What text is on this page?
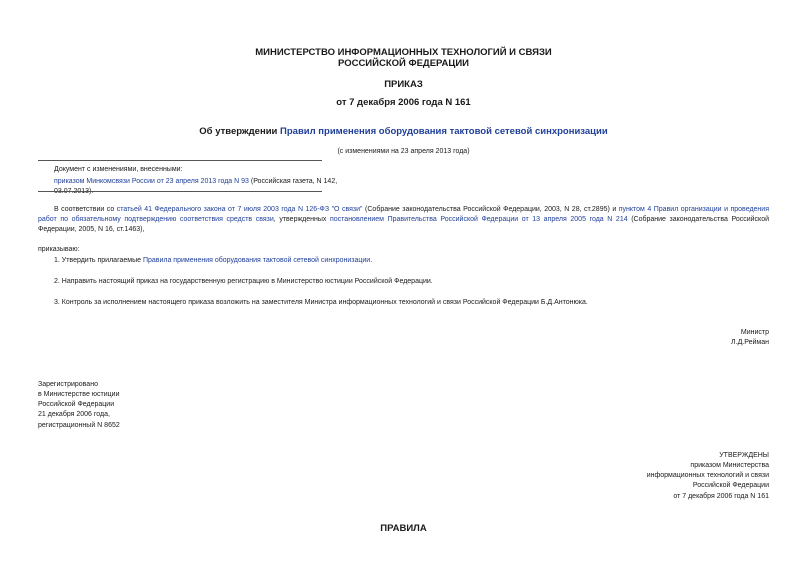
МИНИСТЕРСТВО ИНФОРМАЦИОННЫХ ТЕХНОЛОГИЙ И СВЯЗИ
РОССИЙСКОЙ ФЕДЕРАЦИИ
ПРИКАЗ
от 7 декабря 2006 года N 161
Об утверждении Правил применения оборудования тактовой сетевой синхронизации
(с изменениями на 23 апреля 2013 года)
Документ с изменениями, внесенными:
приказом Минкомсвязи России от 23 апреля 2013 года N 93 (Российская газета, N 142, 03.07.2013).
В соответствии со статьей 41 Федерального закона от 7 июля 2003 года N 126-ФЗ "О связи" (Собрание законодательства Российской Федерации, 2003, N 28, ст.2895) и пунктом 4 Правил организации и проведения работ по обязательному подтверждению соответствия средств связи, утвержденных постановлением Правительства Российской Федерации от 13 апреля 2005 года N 214 (Собрание законодательства Российской Федерации, 2005, N 16, ст.1463),
приказываю:
1. Утвердить прилагаемые Правила применения оборудования тактовой сетевой синхронизации.
2. Направить настоящий приказ на государственную регистрацию в Министерство юстиции Российской Федерации.
3. Контроль за исполнением настоящего приказа возложить на заместителя Министра информационных технологий и связи Российской Федерации Б.Д.Антонюка.
Министр
Л.Д.Рейман
Зарегистрировано
в Министерстве юстиции
Российской Федерации
21 декабря 2006 года,
регистрационный N 8652
УТВЕРЖДЕНЫ
приказом Министерства
информационных технологий и связи
Российской Федерации
от 7 декабря 2006 года N 161
ПРАВИЛА
